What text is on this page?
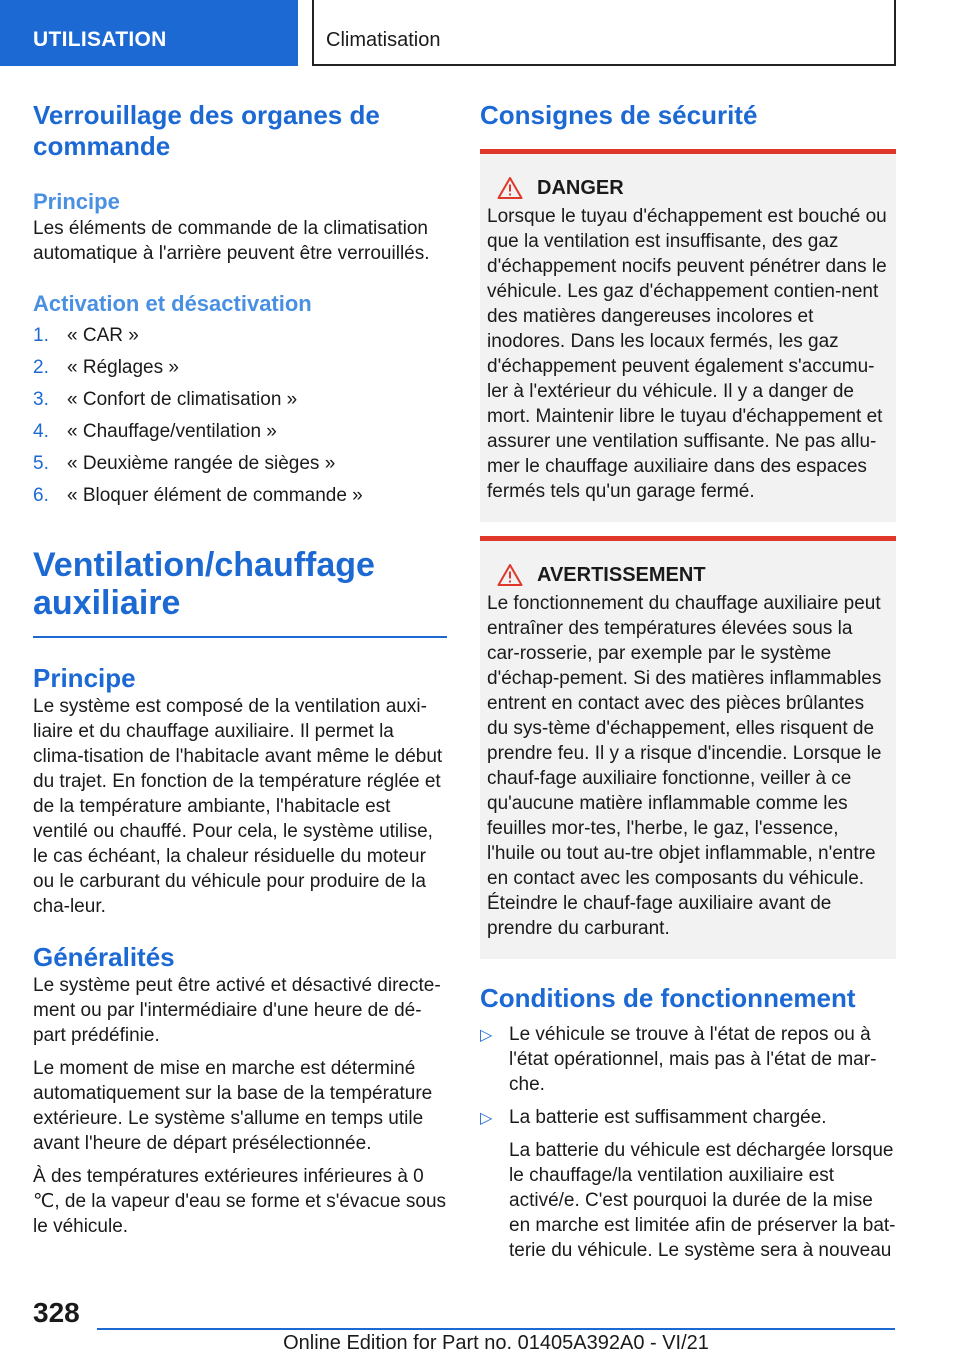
UTILISATION	Climatisation
Verrouillage des organes de commande
Principe

Les éléments de commande de la climatisation automatique à l'arrière peuvent être verrouillés.

Activation et désactivation
1. « CAR »
2. « Réglages »
3. « Confort de climatisation »
4. « Chauffage/ventilation »
5. « Deuxième rangée de sièges »
6. « Bloquer élément de commande »
Ventilation/chauffage auxiliaire
Principe

Le système est composé de la ventilation auxi-liaire et du chauffage auxiliaire. Il permet la clima-tisation de l'habitacle avant même le début du trajet. En fonction de la température réglée et de la température ambiante, l'habitacle est ventilé ou chauffé. Pour cela, le système utilise, le cas échéant, la chaleur résiduelle du moteur ou le carburant du véhicule pour produire de la cha-leur.

Généralités

Le système peut être activé et désactivé directe-ment ou par l'intermédiaire d'une heure de dé-part prédéfinie.

Le moment de mise en marche est déterminé automatiquement sur la base de la température extérieure. Le système s'allume en temps utile avant l'heure de départ présélectionnée.

À des températures extérieures inférieures à 0 ℃, de la vapeur d'eau se forme et s'évacue sous le véhicule.

Consignes de sécurité
DANGER

Lorsque le tuyau d'échappement est bouché ou que la ventilation est insuffisante, des gaz d'échappement nocifs peuvent pénétrer dans le véhicule. Les gaz d'échappement contien-nent des matières dangereuses incolores et inodores. Dans les locaux fermés, les gaz d'échappement peuvent également s'accumu-ler à l'extérieur du véhicule. Il y a danger de mort. Maintenir libre le tuyau d'échappement et assurer une ventilation suffisante. Ne pas allu-mer le chauffage auxiliaire dans des espaces fermés tels qu'un garage fermé.

AVERTISSEMENT

Le fonctionnement du chauffage auxiliaire peut entraîner des températures élevées sous la car-rosserie, par exemple par le système d'échap-pement. Si des matières inflammables entrent en contact avec des pièces brûlantes du sys-tème d'échappement, elles risquent de prendre feu. Il y a risque d'incendie. Lorsque le chauf-fage auxiliaire fonctionne, veiller à ce qu'aucune matière inflammable comme les feuilles mor-tes, l'herbe, le gaz, l'essence, l'huile ou tout au-tre objet inflammable, n'entre en contact avec les composants du véhicule. Éteindre le chauf-fage auxiliaire avant de prendre du carburant.

Conditions de fonctionnement
▷ Le véhicule se trouve à l'état de repos ou à l'état opérationnel, mais pas à l'état de mar-che.
▷ La batterie est suffisamment chargée.

La batterie du véhicule est déchargée lorsque le chauffage/la ventilation auxiliaire est activé/e. C'est pourquoi la durée de la mise en marche est limitée afin de préserver la bat-terie du véhicule. Le système sera à nouveau

328
Online Edition for Part no. 01405A392A0 - VI/21
